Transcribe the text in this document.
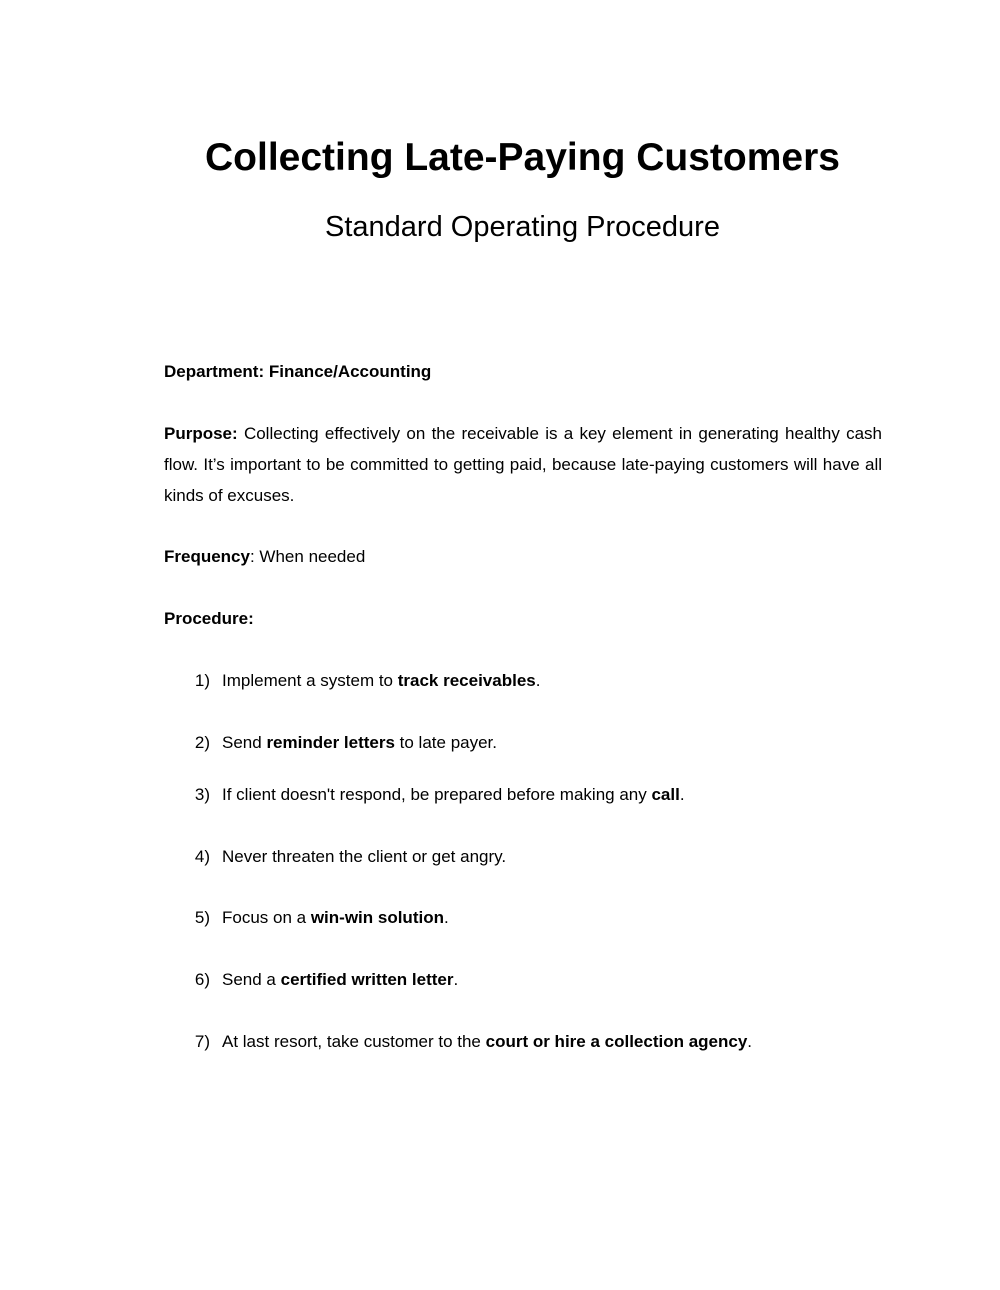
Collecting Late-Paying Customers
Standard Operating Procedure
Department: Finance/Accounting
Purpose: Collecting effectively on the receivable is a key element in generating healthy cash flow. It’s important to be committed to getting paid, because late-paying customers will have all kinds of excuses.
Frequency: When needed
Procedure:
1) Implement a system to track receivables.
2) Send reminder letters to late payer.
3) If client doesn't respond, be prepared before making any call.
4) Never threaten the client or get angry.
5) Focus on a win-win solution.
6) Send a certified written letter.
7) At last resort, take customer to the court or hire a collection agency.
